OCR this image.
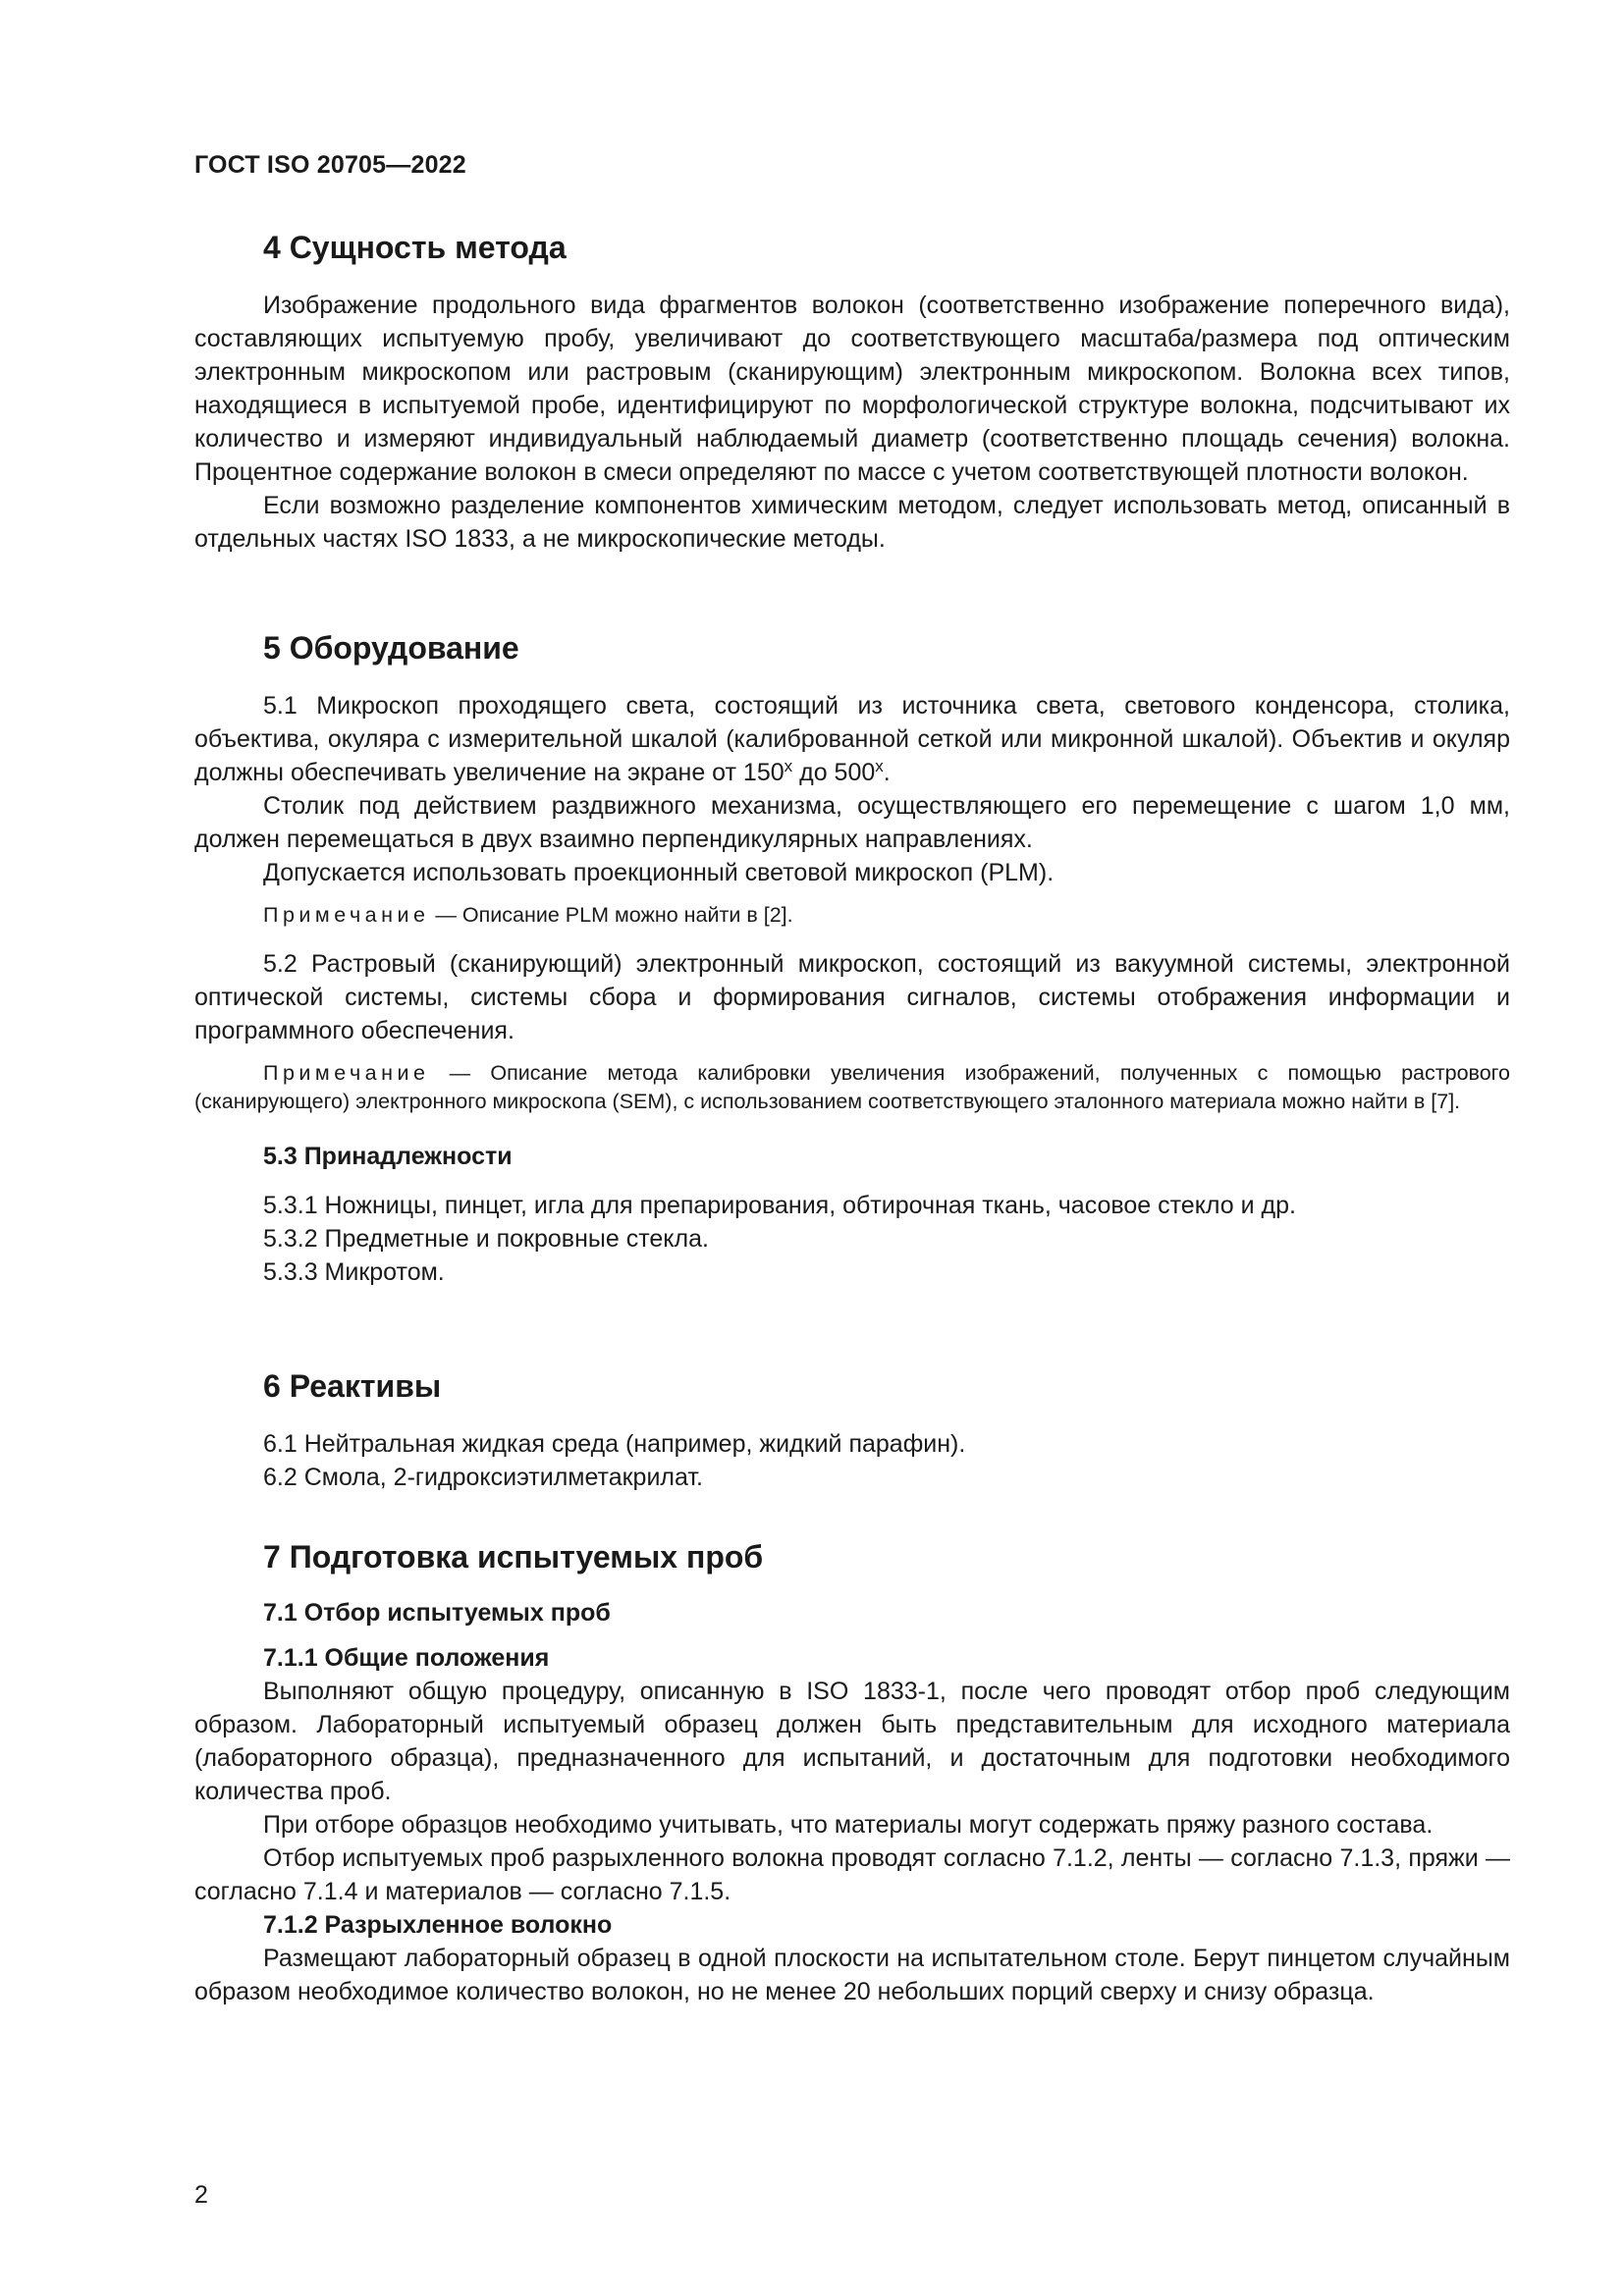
ГОСТ ISO 20705—2022
4 Сущность метода

Изображение продольного вида фрагментов волокон (соответственно изображение поперечного вида), составляющих испытуемую пробу, увеличивают до соответствующего масштаба/размера под оптическим электронным микроскопом или растровым (сканирующим) электронным микроскопом. Волокна всех типов, находящиеся в испытуемой пробе, идентифицируют по морфологической структуре волокна, подсчитывают их количество и измеряют индивидуальный наблюдаемый диаметр (соответственно площадь сечения) волокна. Процентное содержание волокон в смеси определяют по массе с учетом соответствующей плотности волокон.

Если возможно разделение компонентов химическим методом, следует использовать метод, описанный в отдельных частях ISO 1833, а не микроскопические методы.

5 Оборудование

5.1 Микроскоп проходящего света, состоящий из источника света, светового конденсора, столика, объектива, окуляра с измерительной шкалой (калиброванной сеткой или микронной шкалой). Объектив и окуляр должны обеспечивать увеличение на экране от $150^х$ до $500^х$.

Столик под действием раздвижного механизма, осуществляющего его перемещение с шагом 1,0 мм, должен перемещаться в двух взаимно перпендикулярных направлениях.

Допускается использовать проекционный световой микроскоп (PLM).

Примечание — Описание PLM можно найти в [2].

5.2 Растровый (сканирующий) электронный микроскоп, состоящий из вакуумной системы, электронной оптической системы, системы сбора и формирования сигналов, системы отображения информации и программного обеспечения.

Примечание — Описание метода калибровки увеличения изображений, полученных с помощью растрового (сканирующего) электронного микроскопа (SEM), с использованием соответствующего эталонного материала можно найти в [7].

5.3 Принадлежности

5.3.1 Ножницы, пинцет, игла для препарирования, обтирочная ткань, часовое стекло и др.

5.3.2 Предметные и покровные стекла.

5.3.3 Микротом.

6 Реактивы

6.1 Нейтральная жидкая среда (например, жидкий парафин).

6.2 Смола, 2-гидроксиэтилметакрилат.

7 Подготовка испытуемых проб
7.1 Отбор испытуемых проб
7.1.1 Общие положения

Выполняют общую процедуру, описанную в ISO 1833-1, после чего проводят отбор проб следующим образом. Лабораторный испытуемый образец должен быть представительным для исходного материала (лабораторного образца), предназначенного для испытаний, и достаточным для подготовки необходимого количества проб.

При отборе образцов необходимо учитывать, что материалы могут содержать пряжу разного состава.

Отбор испытуемых проб разрыхленного волокна проводят согласно 7.1.2, ленты — согласно 7.1.3, пряжи — согласно 7.1.4 и материалов — согласно 7.1.5.

7.1.2 Разрыхленное волокно

Размещают лабораторный образец в одной плоскости на испытательном столе. Берут пинцетом случайным образом необходимое количество волокон, но не менее 20 небольших порций сверху и снизу образца.

2
